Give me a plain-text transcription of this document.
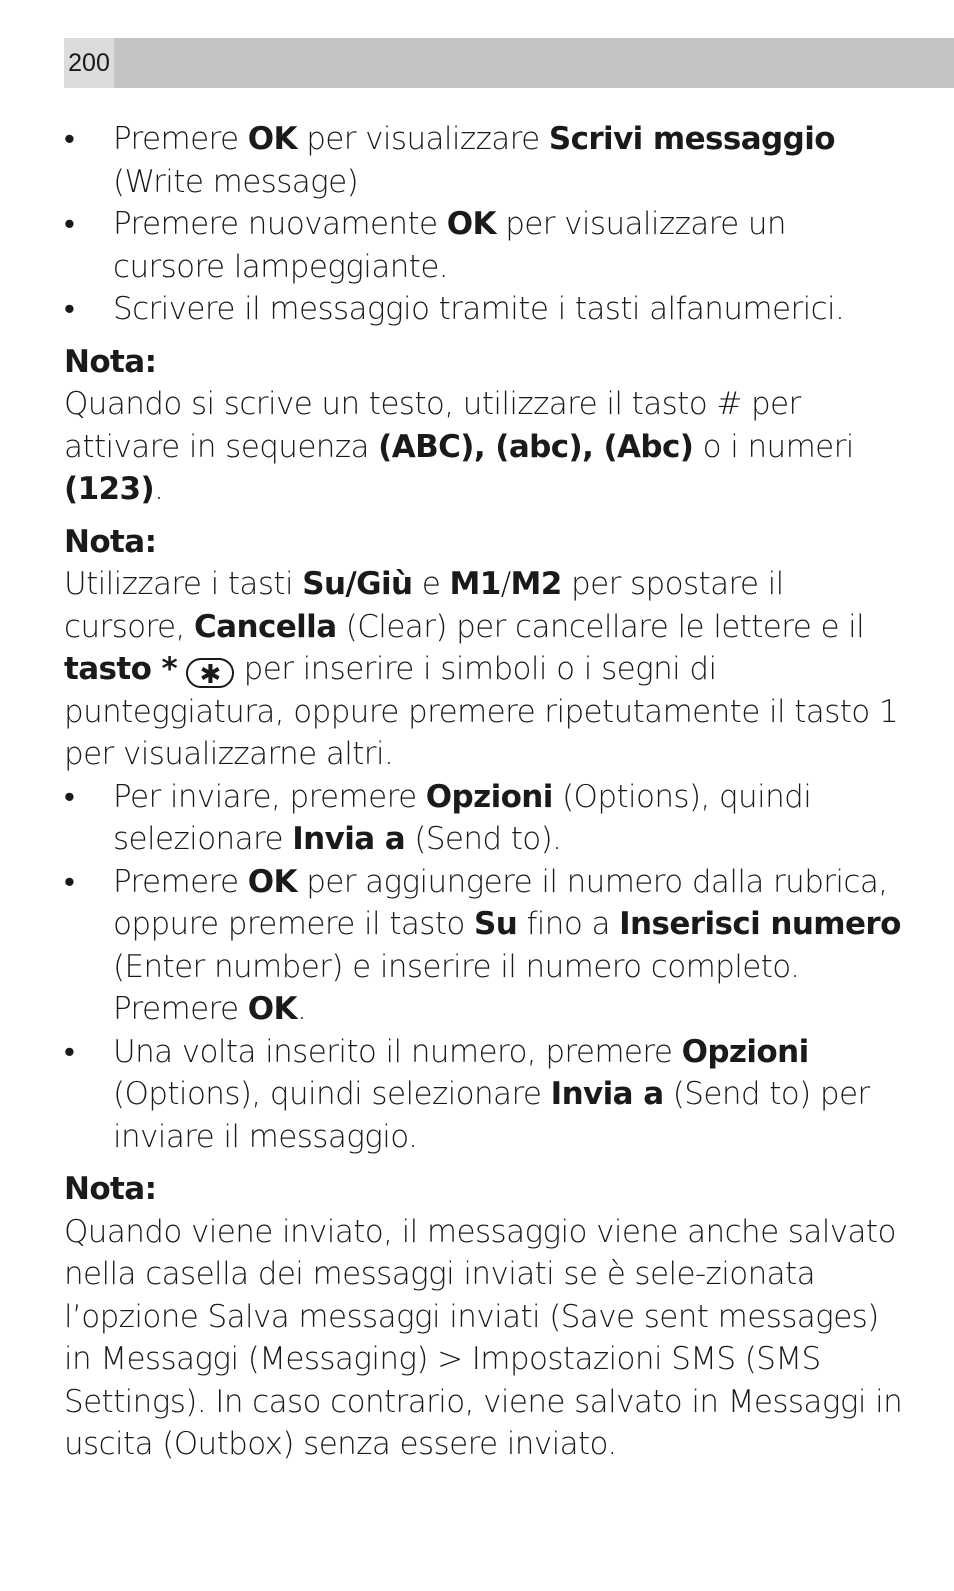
200
• Premere OK per visualizzare Scrivi messaggio (Write message)
• Premere nuovamente OK per visualizzare un cursore lampeggiante.
• Scrivere il messaggio tramite i tasti alfanumerici.
Nota:

Quando si scrive un testo, utilizzare il tasto # per attivare in sequenza (ABC), (abc), (Abc) o i numeri (123).

Nota:

Utilizzare i tasti Su/Giù e M1/M2 per spostare il cursore, Cancella (Clear) per cancellare le lettere e il tasto * ✱ per inserire i simboli o i segni di punteggiatura, oppure premere ripetutamente il tasto 1 per visualizzarne altri.

• Per inviare, premere Opzioni (Options), quindi selezionare Invia a (Send to).
• Premere OK per aggiungere il numero dalla rubrica, oppure premere il tasto Su fino a Inserisci numero (Enter number) e inserire il numero completo. Premere OK.
• Una volta inserito il numero, premere Opzioni (Options), quindi selezionare Invia a (Send to) per inviare il messaggio.
Nota:

Quando viene inviato, il messaggio viene anche salvato nella casella dei messaggi inviati se è sele-zionata l’opzione Salva messaggi inviati (Save sent messages) in Messaggi (Messaging) > Impostazioni SMS (SMS Settings). In caso contrario, viene salvato in Messaggi in uscita (Outbox) senza essere inviato.
